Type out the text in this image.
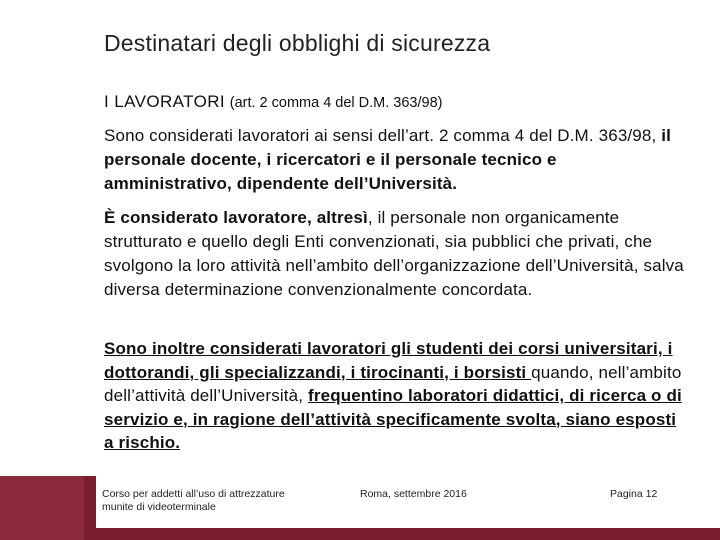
Destinatari degli obblighi di sicurezza
I LAVORATORI (art. 2 comma 4 del D.M. 363/98)
Sono considerati lavoratori ai sensi dell’art. 2 comma 4 del D.M. 363/98, il personale docente, i ricercatori e il personale tecnico e amministrativo, dipendente dell’Università.
È considerato lavoratore, altresì, il personale non organicamente strutturato e quello degli Enti convenzionati, sia pubblici che privati, che svolgono la loro attività nell’ambito dell’organizzazione dell’Università, salva diversa determinazione convenzionalmente concordata.
Sono inoltre considerati lavoratori gli studenti dei corsi universitari, i dottorandi, gli specializzandi, i tirocinanti, i borsisti quando, nell’ambito dell’attività dell’Università, frequentino laboratori didattici, di ricerca o di servizio e, in ragione dell’attività specificamente svolta, siano esposti a rischio.
Corso per addetti all’uso di attrezzature munite di videoterminale
Roma, settembre 2016	Pagina 12
